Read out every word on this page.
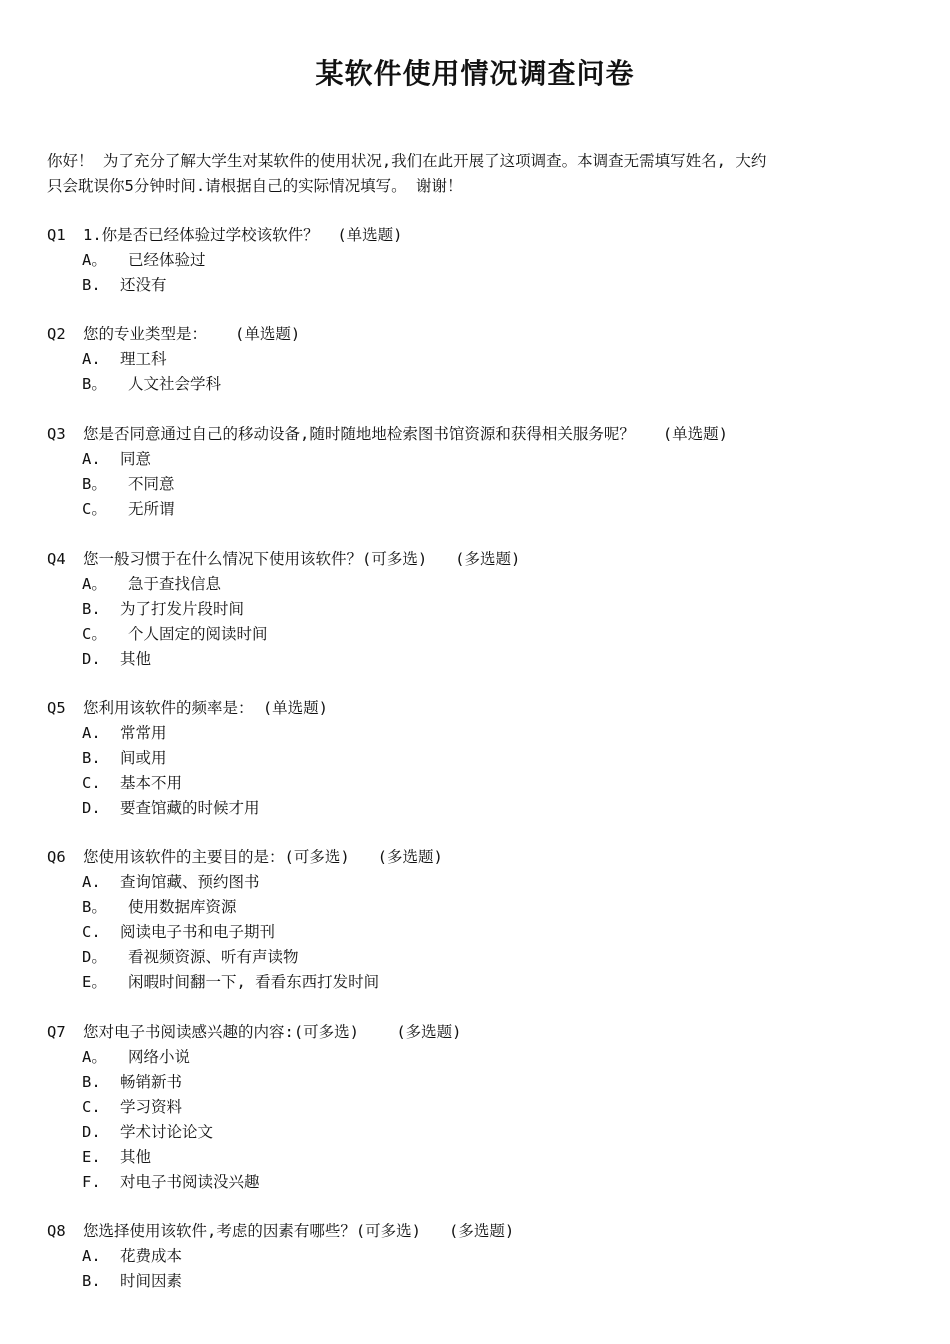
某软件使用情况调查问卷

你好！ 为了充分了解大学生对某软件的使用状况,我们在此开展了这项调查。本调查无需填写姓名, 大约

只会耽误你5分钟时间.请根据自己的实际情况填写。 谢谢！

Q1 1.你是否已经体验过学校该软件？  (单选题)
A。 已经体验过
B. 还没有
Q2 您的专业类型是：   (单选题)
A. 理工科
B。 人文社会学科
Q3 您是否同意通过自己的移动设备,随时随地地检索图书馆资源和获得相关服务呢？   (单选题)
A. 同意
B。 不同意
C。 无所谓
Q4 您一般习惯于在什么情况下使用该软件？(可多选)   (多选题)
A。 急于查找信息
B. 为了打发片段时间
C。 个人固定的阅读时间
D. 其他
Q5 您利用该软件的频率是： (单选题)
A. 常常用
B. 间或用
C. 基本不用
D. 要查馆藏的时候才用
Q6 您使用该软件的主要目的是：(可多选)   (多选题)
A. 查询馆藏、预约图书
B。 使用数据库资源
C. 阅读电子书和电子期刊
D。 看视频资源、听有声读物
E。 闲暇时间翻一下, 看看东西打发时间
Q7 您对电子书阅读感兴趣的内容:(可多选)    (多选题)
A。 网络小说
B. 畅销新书
C. 学习资料
D. 学术讨论论文
E. 其他
F. 对电子书阅读没兴趣
Q8 您选择使用该软件,考虑的因素有哪些？(可多选)   (多选题)
A. 花费成本
B. 时间因素
